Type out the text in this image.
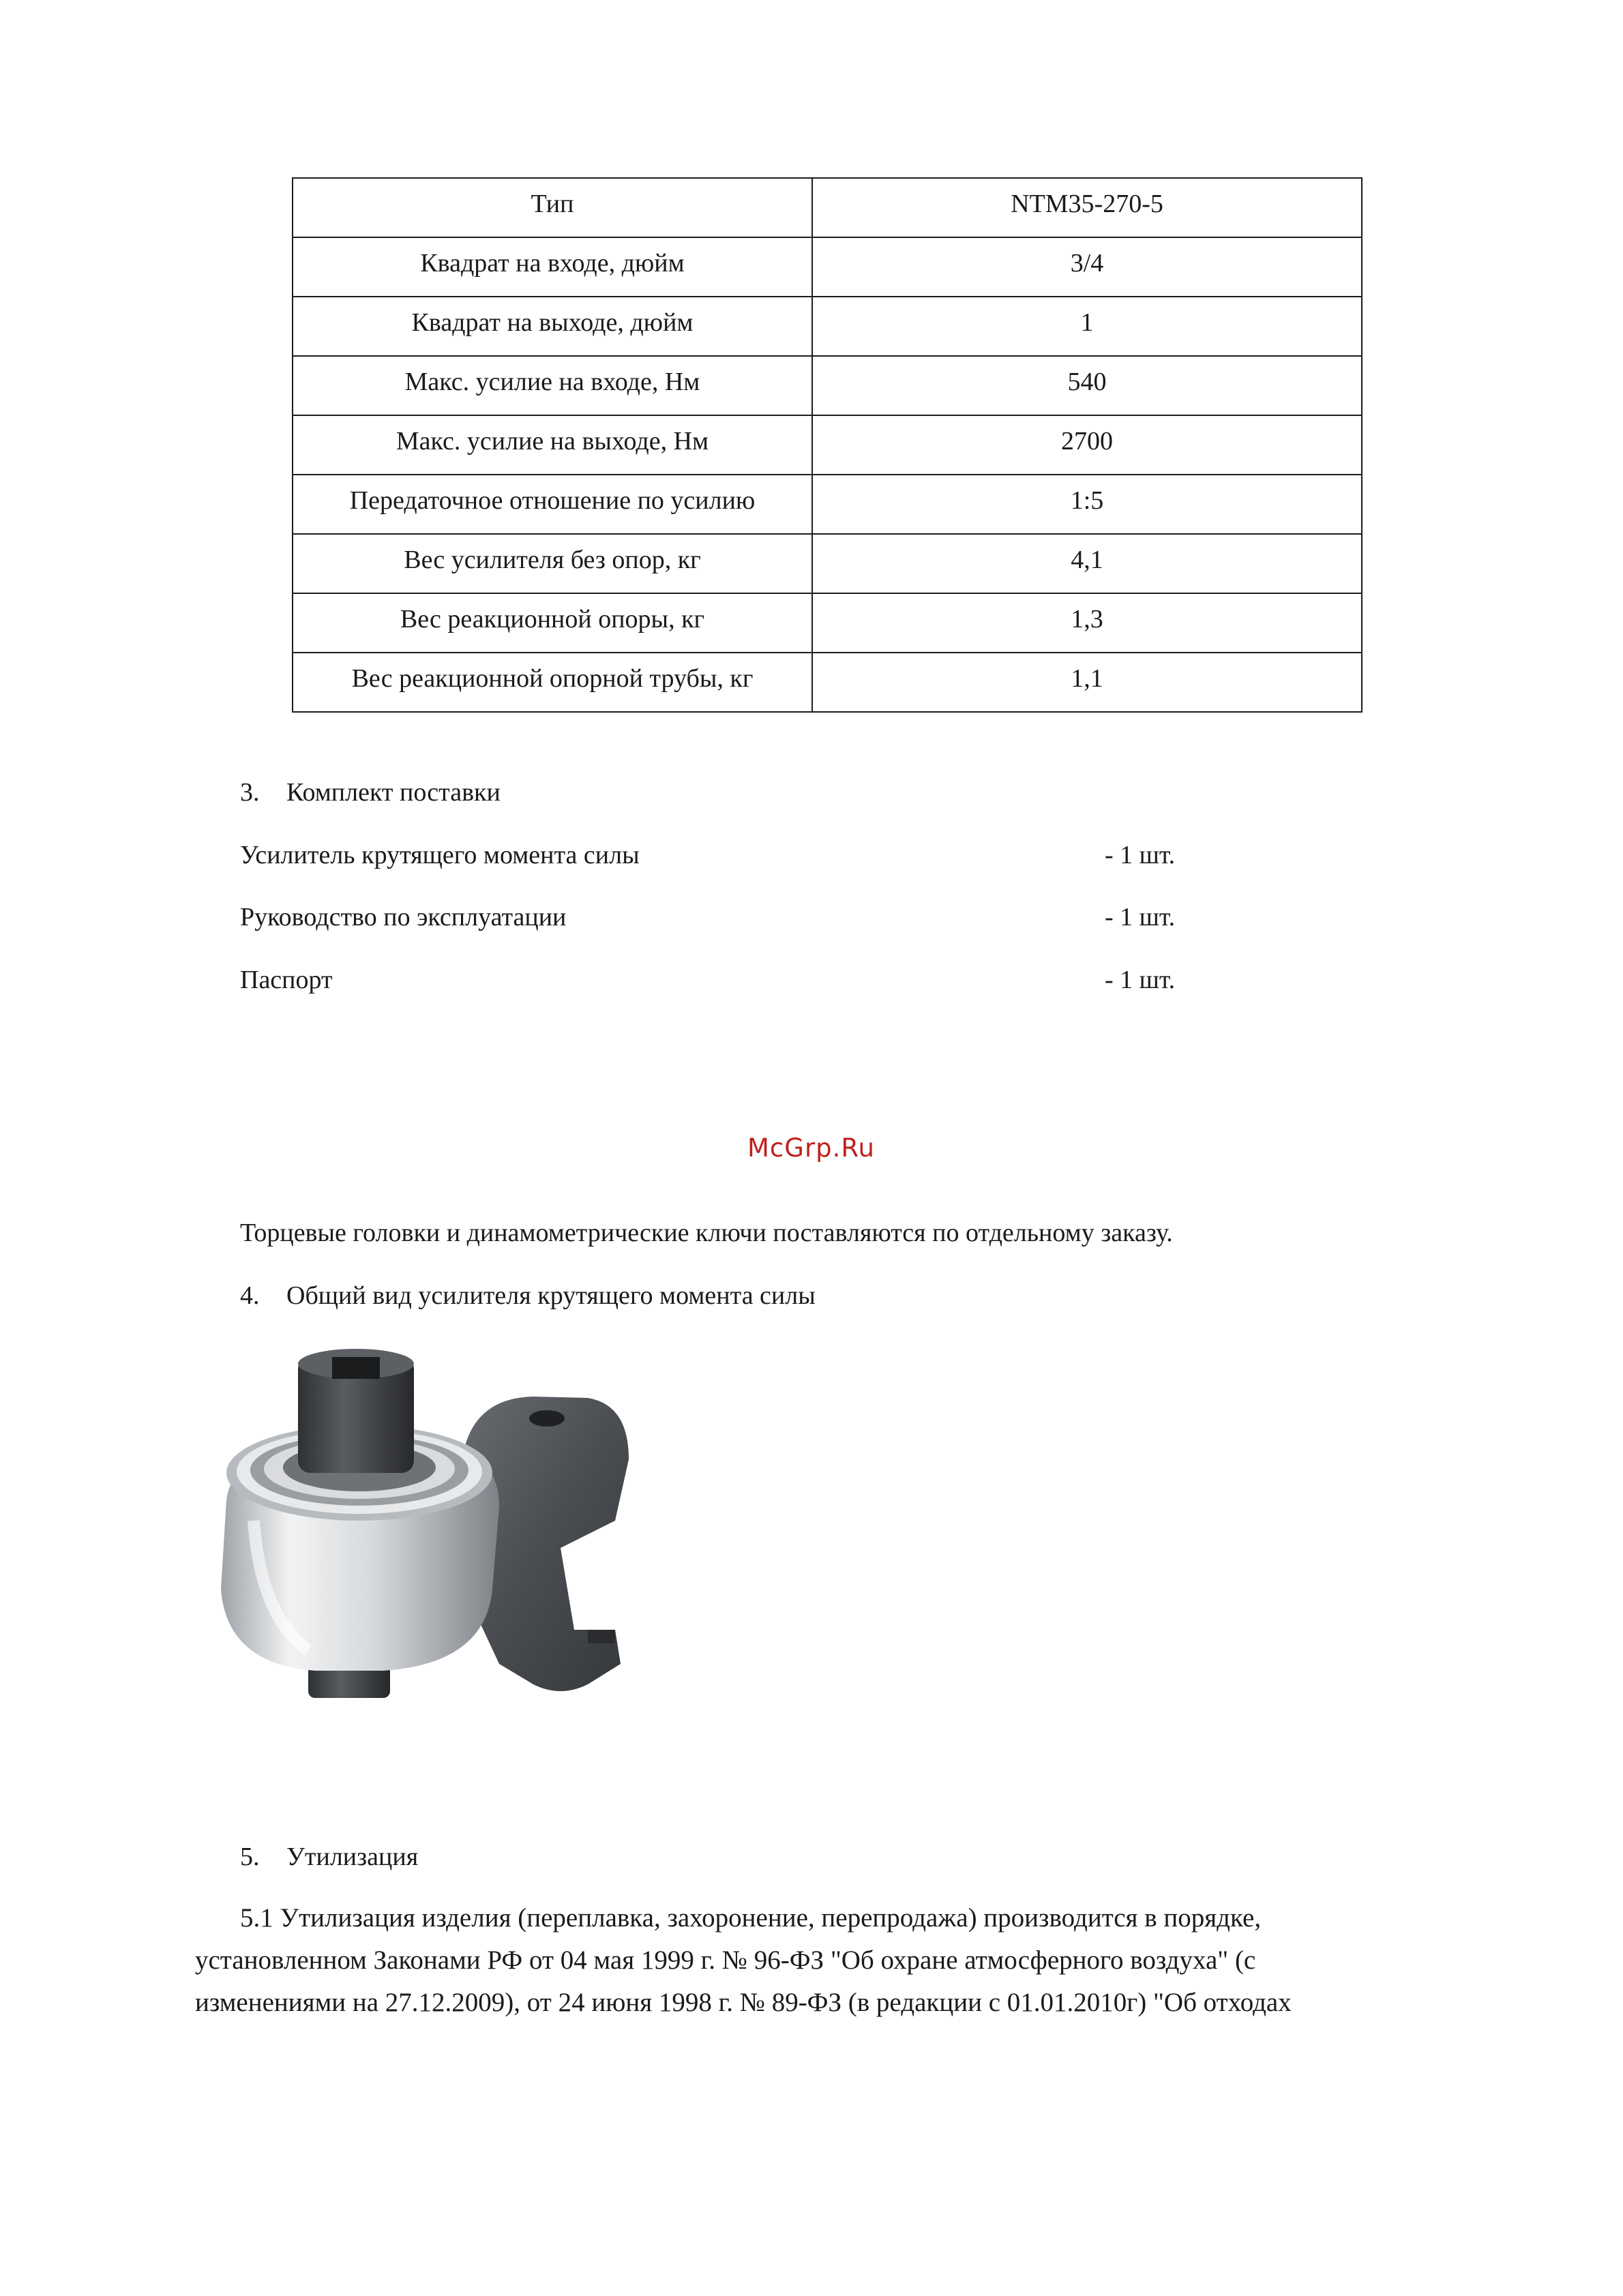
Тип	NTM35-270-5
Квадрат на входе, дюйм	3/4
Квадрат на выходе, дюйм	1
Макс. усилие на входе, Нм	540
Макс. усилие на выходе, Нм	2700
Передаточное отношение по усилию	1:5
Вес усилителя без опор, кг	4,1
Вес реакционной опоры, кг	1,3
Вес реакционной опорной трубы, кг	1,1
3. Комплект поставки
Усилитель крутящего момента силы	- 1 шт.
Руководство по эксплуатации	- 1 шт.
Паспорт	- 1 шт.
McGrp.Ru
Торцевые головки и динамометрические ключи поставляются по отдельному заказу.
4. Общий вид усилителя крутящего момента силы
5. Утилизация
5.1 Утилизация изделия (переплавка, захоронение, перепродажа) производится в порядке,
установленном Законами РФ от 04 мая 1999 г. № 96-ФЗ "Об охране атмосферного воздуха" (с
изменениями на 27.12.2009), от 24 июня 1998 г. № 89-ФЗ (в редакции с 01.01.2010г) "Об отходах
